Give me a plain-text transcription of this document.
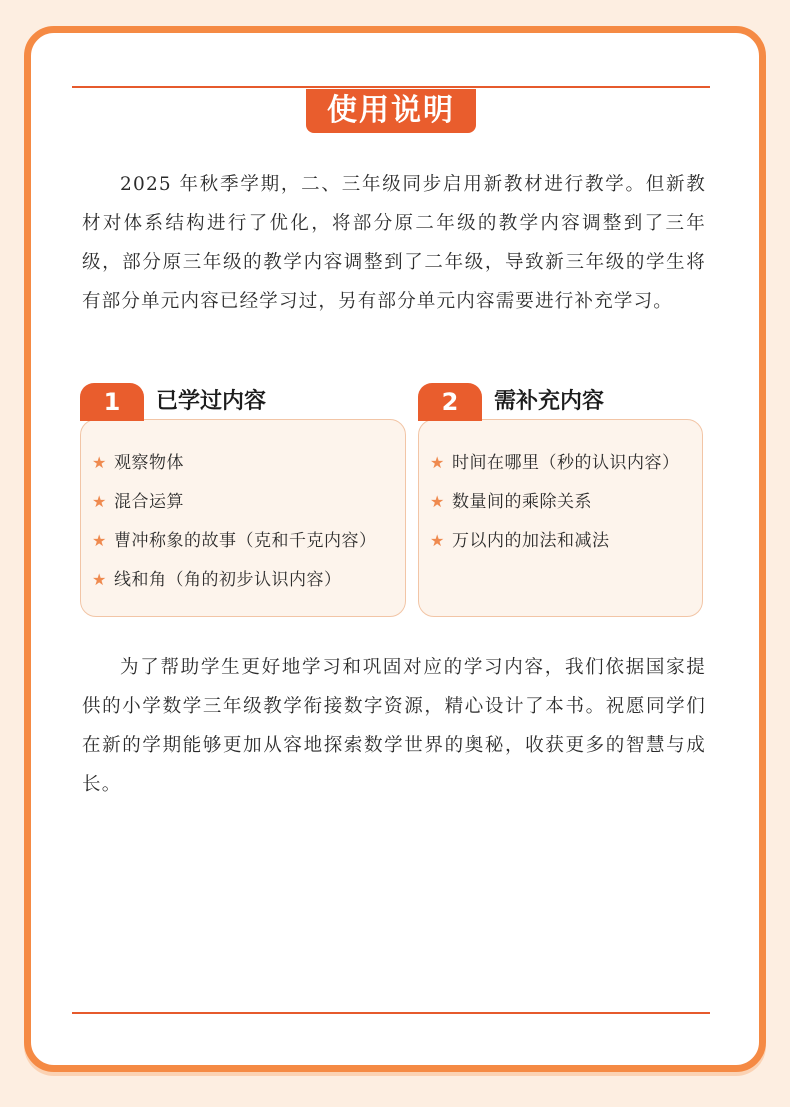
使用说明

2025 年秋季学期，二、三年级同步启用新教材进行教学。但新教材对体系结构进行了优化，将部分原二年级的教学内容调整到了三年级，部分原三年级的教学内容调整到了二年级，导致新三年级的学生将有部分单元内容已经学习过，另有部分单元内容需要进行补充学习。

1	已学过内容
★ 观察物体
★ 混合运算
★ 曹冲称象的故事（克和千克内容）
★ 线和角（角的初步认识内容）
2	需补充内容
★ 时间在哪里（秒的认识内容）
★ 数量间的乘除关系
★ 万以内的加法和减法

为了帮助学生更好地学习和巩固对应的学习内容，我们依据国家提供的小学数学三年级教学衔接数字资源，精心设计了本书。祝愿同学们在新的学期能够更加从容地探索数学世界的奥秘，收获更多的智慧与成长。
